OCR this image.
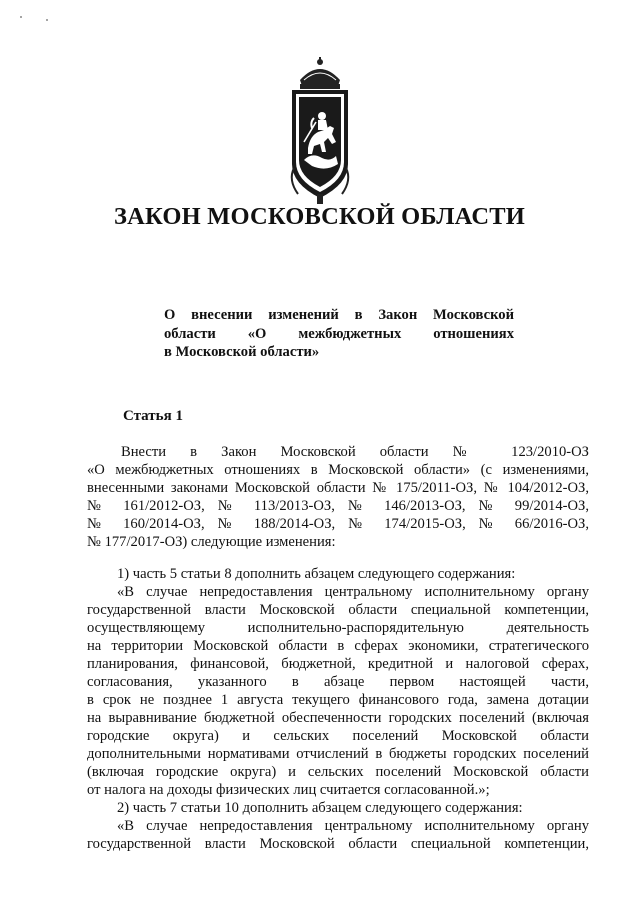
ЗАКОН МОСКОВСКОЙ ОБЛАСТИ
О внесении изменений в Закон Московской
области «О межбюджетных отношениях
в Московской области»
Статья 1
Внести в Закон Московской области № 123/2010-ОЗ
«О межбюджетных отношениях в Московской области» (с изменениями,
внесенными законами Московской области № 175/2011-ОЗ, № 104/2012-ОЗ,
№ 161/2012-ОЗ, № 113/2013-ОЗ, № 146/2013-ОЗ, № 99/2014-ОЗ,
№ 160/2014-ОЗ, № 188/2014-ОЗ, № 174/2015-ОЗ, № 66/2016-ОЗ,
№ 177/2017-ОЗ) следующие изменения:
1) часть 5 статьи 8 дополнить абзацем следующего содержания:
«В случае непредоставления центральному исполнительному органу
государственной власти Московской области специальной компетенции,
осуществляющему исполнительно-распорядительную деятельность
на территории Московской области в сферах экономики, стратегического
планирования, финансовой, бюджетной, кредитной и налоговой сферах,
согласования, указанного в абзаце первом настоящей части,
в срок не позднее 1 августа текущего финансового года, замена дотации
на выравнивание бюджетной обеспеченности городских поселений (включая
городские округа) и сельских поселений Московской области
дополнительными нормативами отчислений в бюджеты городских поселений
(включая городские округа) и сельских поселений Московской области
от налога на доходы физических лиц считается согласованной.»;
2) часть 7 статьи 10 дополнить абзацем следующего содержания:
«В случае непредоставления центральному исполнительному органу
государственной власти Московской области специальной компетенции,
